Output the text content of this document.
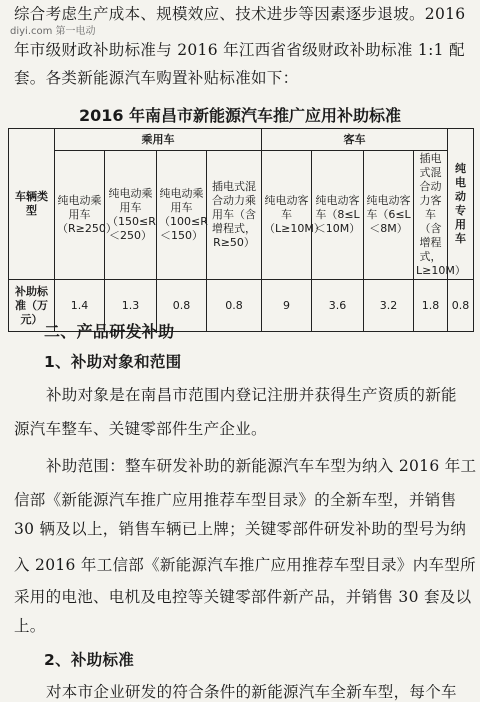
diyi.com 第一电动
综合考虑生产成本、规模效应、技术进步等因素逐步退坡。2016
年市级财政补助标准与 2016 年江西省省级财政补助标准 1:1 配
套。各类新能源汽车购置补贴标准如下：
2016 年南昌市新能源汽车推广应用补助标准
车辆类型	乘用车				客车				纯电动专用车
	纯电动乘用车（R≥250）	纯电动乘用车（150≤R＜250）	纯电动乘用车（100≤R＜150）	插电式混合动力乘用车（含增程式，R≥50）	纯电动客车（L≥10M）	纯电动客车（8≤L＜10M）	纯电动客车（6≤L＜8M）	插电式混合动力客车（含增程式，L≥10M）	
补助标准（万元）	1.4	1.3	0.8	0.8	9	3.6	3.2	1.8	0.8
二、产品研发补助
1、补助对象和范围
补助对象是在南昌市范围内登记注册并获得生产资质的新能
源汽车整车、关键零部件生产企业。
补助范围：整车研发补助的新能源汽车车型为纳入 2016 年工
信部《新能源汽车推广应用推荐车型目录》的全新车型，并销售
30 辆及以上，销售车辆已上牌；关键零部件研发补助的型号为纳
入 2016 年工信部《新能源汽车推广应用推荐车型目录》内车型所
采用的电池、电机及电控等关键零部件新产品，并销售 30 套及以
上。
2、补助标准
对本市企业研发的符合条件的新能源汽车全新车型，每个车
